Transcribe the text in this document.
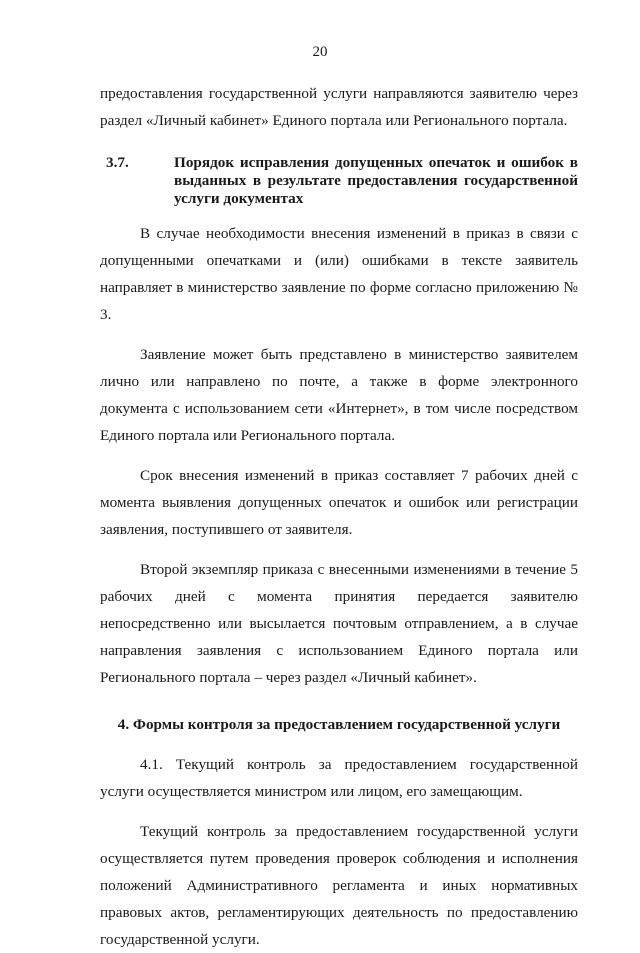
20

предоставления государственной услуги направляются заявителю через раздел «Личный кабинет» Единого портала или Регионального портала.

3.7.	Порядок исправления допущенных опечаток и ошибок в выданных в результате предоставления государственной услуги документах

В случае необходимости внесения изменений в приказ в связи с допущенными опечатками и (или) ошибками в тексте заявитель направляет в министерство заявление по форме согласно приложению № 3.

Заявление может быть представлено в министерство заявителем лично или направлено по почте, а также в форме электронного документа с использованием сети «Интернет», в том числе посредством Единого портала или Регионального портала.

Срок внесения изменений в приказ составляет 7 рабочих дней с момента выявления допущенных опечаток и ошибок или регистрации заявления, поступившего от заявителя.

Второй экземпляр приказа с внесенными изменениями в течение 5 рабочих дней с момента принятия передается заявителю непосредственно или высылается почтовым отправлением, а в случае направления заявления с использованием Единого портала или Регионального портала – через раздел «Личный кабинет».

4. Формы контроля за предоставлением государственной услуги

4.1. Текущий контроль за предоставлением государственной услуги осуществляется министром или лицом, его замещающим.

Текущий контроль за предоставлением государственной услуги осуществляется путем проведения проверок соблюдения и исполнения положений Административного регламента и иных нормативных правовых актов, регламентирующих деятельность по предоставлению государственной услуги.
